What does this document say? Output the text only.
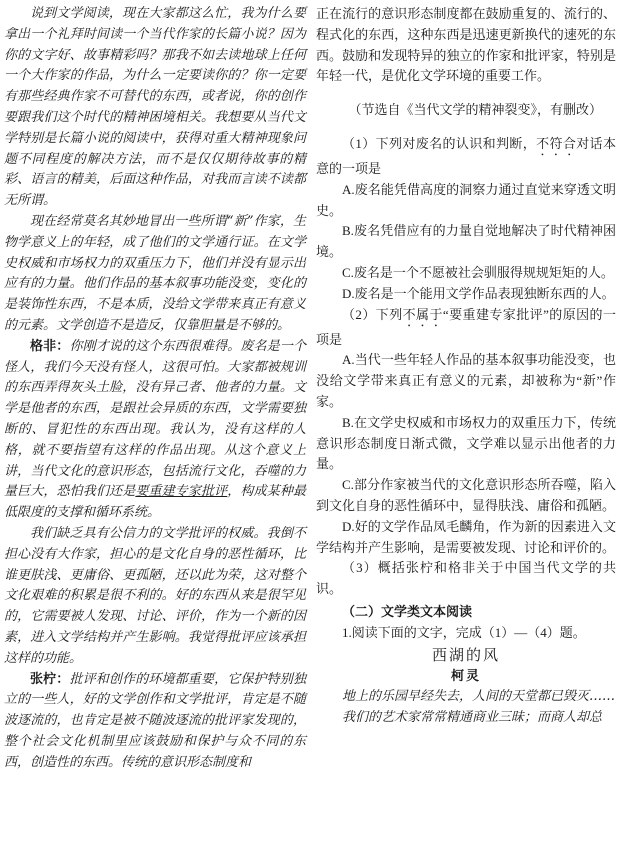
说到文学阅读，现在大家都这么忙，我为什么要拿出一个礼拜时间读一个当代作家的长篇小说？因为你的文字好、故事精彩吗？那我不如去读地球上任何一个大作家的作品，为什么一定要读你的？你一定要有那些经典作家不可替代的东西，或者说，你的创作要跟我们这个时代的精神困境相关。我想要从当代文学特别是长篇小说的阅读中，获得对重大精神现象问题不同程度的解决方法，而不是仅仅期待故事的精彩、语言的精美，后面这种作品，对我而言读不读都无所谓。

现在经常莫名其妙地冒出一些所谓“新”作家，生物学意义上的年轻，成了他们的文学通行证。在文学史权威和市场权力的双重压力下，他们并没有显示出应有的力量。他们作品的基本叙事功能没变，变化的是装饰性东西，不是本质，没给文学带来真正有意义的元素。文学创造不是造反，仅靠胆量是不够的。

格非：你刚才说的这个东西很难得。废名是一个怪人，我们今天没有怪人，这很可怕。大家都被规训的东西弄得灰头土脸，没有异己者、他者的力量。文学是他者的东西，是跟社会异质的东西，文学需要独断的、冒犯性的东西出现。我认为，没有这样的人格，就不要指望有这样的作品出现。从这个意义上讲，当代文化的意识形态，包括流行文化，吞噬的力量巨大，恐怕我们还是要重建专家批评，构成某种最低限度的支撑和循环系统。

我们缺乏具有公信力的文学批评的权威。我倒不担心没有大作家，担心的是文化自身的恶性循环，比谁更肤浅、更庸俗、更孤陋，还以此为荣，这对整个文化艰难的积累是很不利的。好的东西从来是很罕见的，它需要被人发现、讨论、评价，作为一个新的因素，进入文学结构并产生影响。我觉得批评应该承担这样的功能。

张柠：批评和创作的环境都重要，它保护特别独立的一些人，好的文学创作和文学批评，肯定是不随波逐流的，也肯定是被不随波逐流的批评家发现的，整个社会文化机制里应该鼓励和保护与众不同的东西，创造性的东西。传统的意识形态制度和

正在流行的意识形态制度都在鼓励重复的、流行的、程式化的东西，这种东西是迅速更新换代的速死的东西。鼓励和发现特异的独立的作家和批评家，特别是年轻一代，是优化文学环境的重要工作。

（节选自《当代文学的精神裂变》，有删改）

（1）下列对废名的认识和判断，不符合对话本意的一项是

A.废名能凭借高度的洞察力通过直觉来穿透文明史。

B.废名凭借应有的力量自觉地解决了时代精神困境。

C.废名是一个不愿被社会驯服得规规矩矩的人。

D.废名是一个能用文学作品表现独断东西的人。

（2）下列不属于“要重建专家批评”的原因的一项是

A.当代一些年轻人作品的基本叙事功能没变，也没给文学带来真正有意义的元素，却被称为“新”作家。

B.在文学史权威和市场权力的双重压力下，传统意识形态制度日渐式微，文学难以显示出他者的力量。

C.部分作家被当代的文化意识形态所吞噬，陷入到文化自身的恶性循环中，显得肤浅、庸俗和孤陋。

D.好的文学作品凤毛麟角，作为新的因素进入文学结构并产生影响，是需要被发现、讨论和评价的。

（3）概括张柠和格非关于中国当代文学的共识。

（二）文学类文本阅读

1.阅读下面的文字，完成（1）—（4）题。

西湖的风

柯灵

地上的乐园早经失去，人间的天堂都已毁灭……

我们的艺术家常常精通商业三昧；而商人却总
